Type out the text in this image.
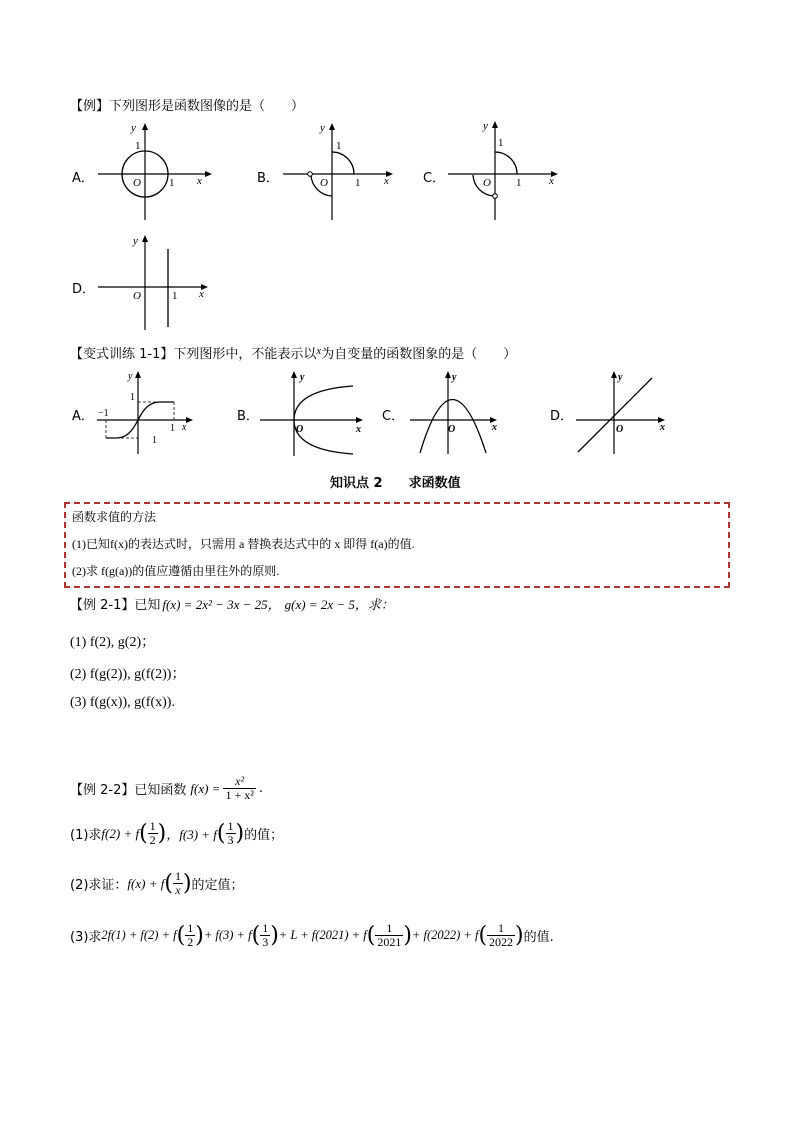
【例】下列图形是函数图像的是（　　）
A．	B．	C．
D．
y
1
O	1 x
y
1
O 1 x
y
1
O 1	x
y
O	1 x
【变式训练 1-1】下列图形中，不能表示以$^x$为自变量的函数图象的是（　　）
A．	B．	C．	D．
y
1
−1
1 x
1
y
O	x
y
O	x
y
O	x
知识点 2　　求函数值
函数求值的方法
(1)已知f(x)的表达式时，只需用 a 替换表达式中的 x 即得 f(a)的值.
(2)求 f(g(a))的值应遵循由里往外的原则.
【例 2-1】已知 f(x) = 2x² − 3x − 25， g(x) = 2x − 5，求：
(1) f(2), g(2)；
(2) f(g(2)), g(f(2))；
(3) f(g(x)), g(f(x)).
【例 2-2】已知函数 $f(x) = \frac{\text{x²}}{\text{1 + x²}}$ .
(1)求 f(2) + f ( $\frac{1}{2}$ ) ，f(3) + f ( $\frac{1}{3}$ ) 的值；
(2)求证： f(x) + f ( $\frac{1}{x}$ ) 的定值；
(3)求 2f(1) + f(2) + f ( $\frac{1}{2}$ ) + f(3) + f ( $\frac{1}{3}$ ) + L + f(2021) + f ( $\frac{1}{2021}$ ) + f(2022) + f ( $\frac{1}{2022}$ ) 的值.
